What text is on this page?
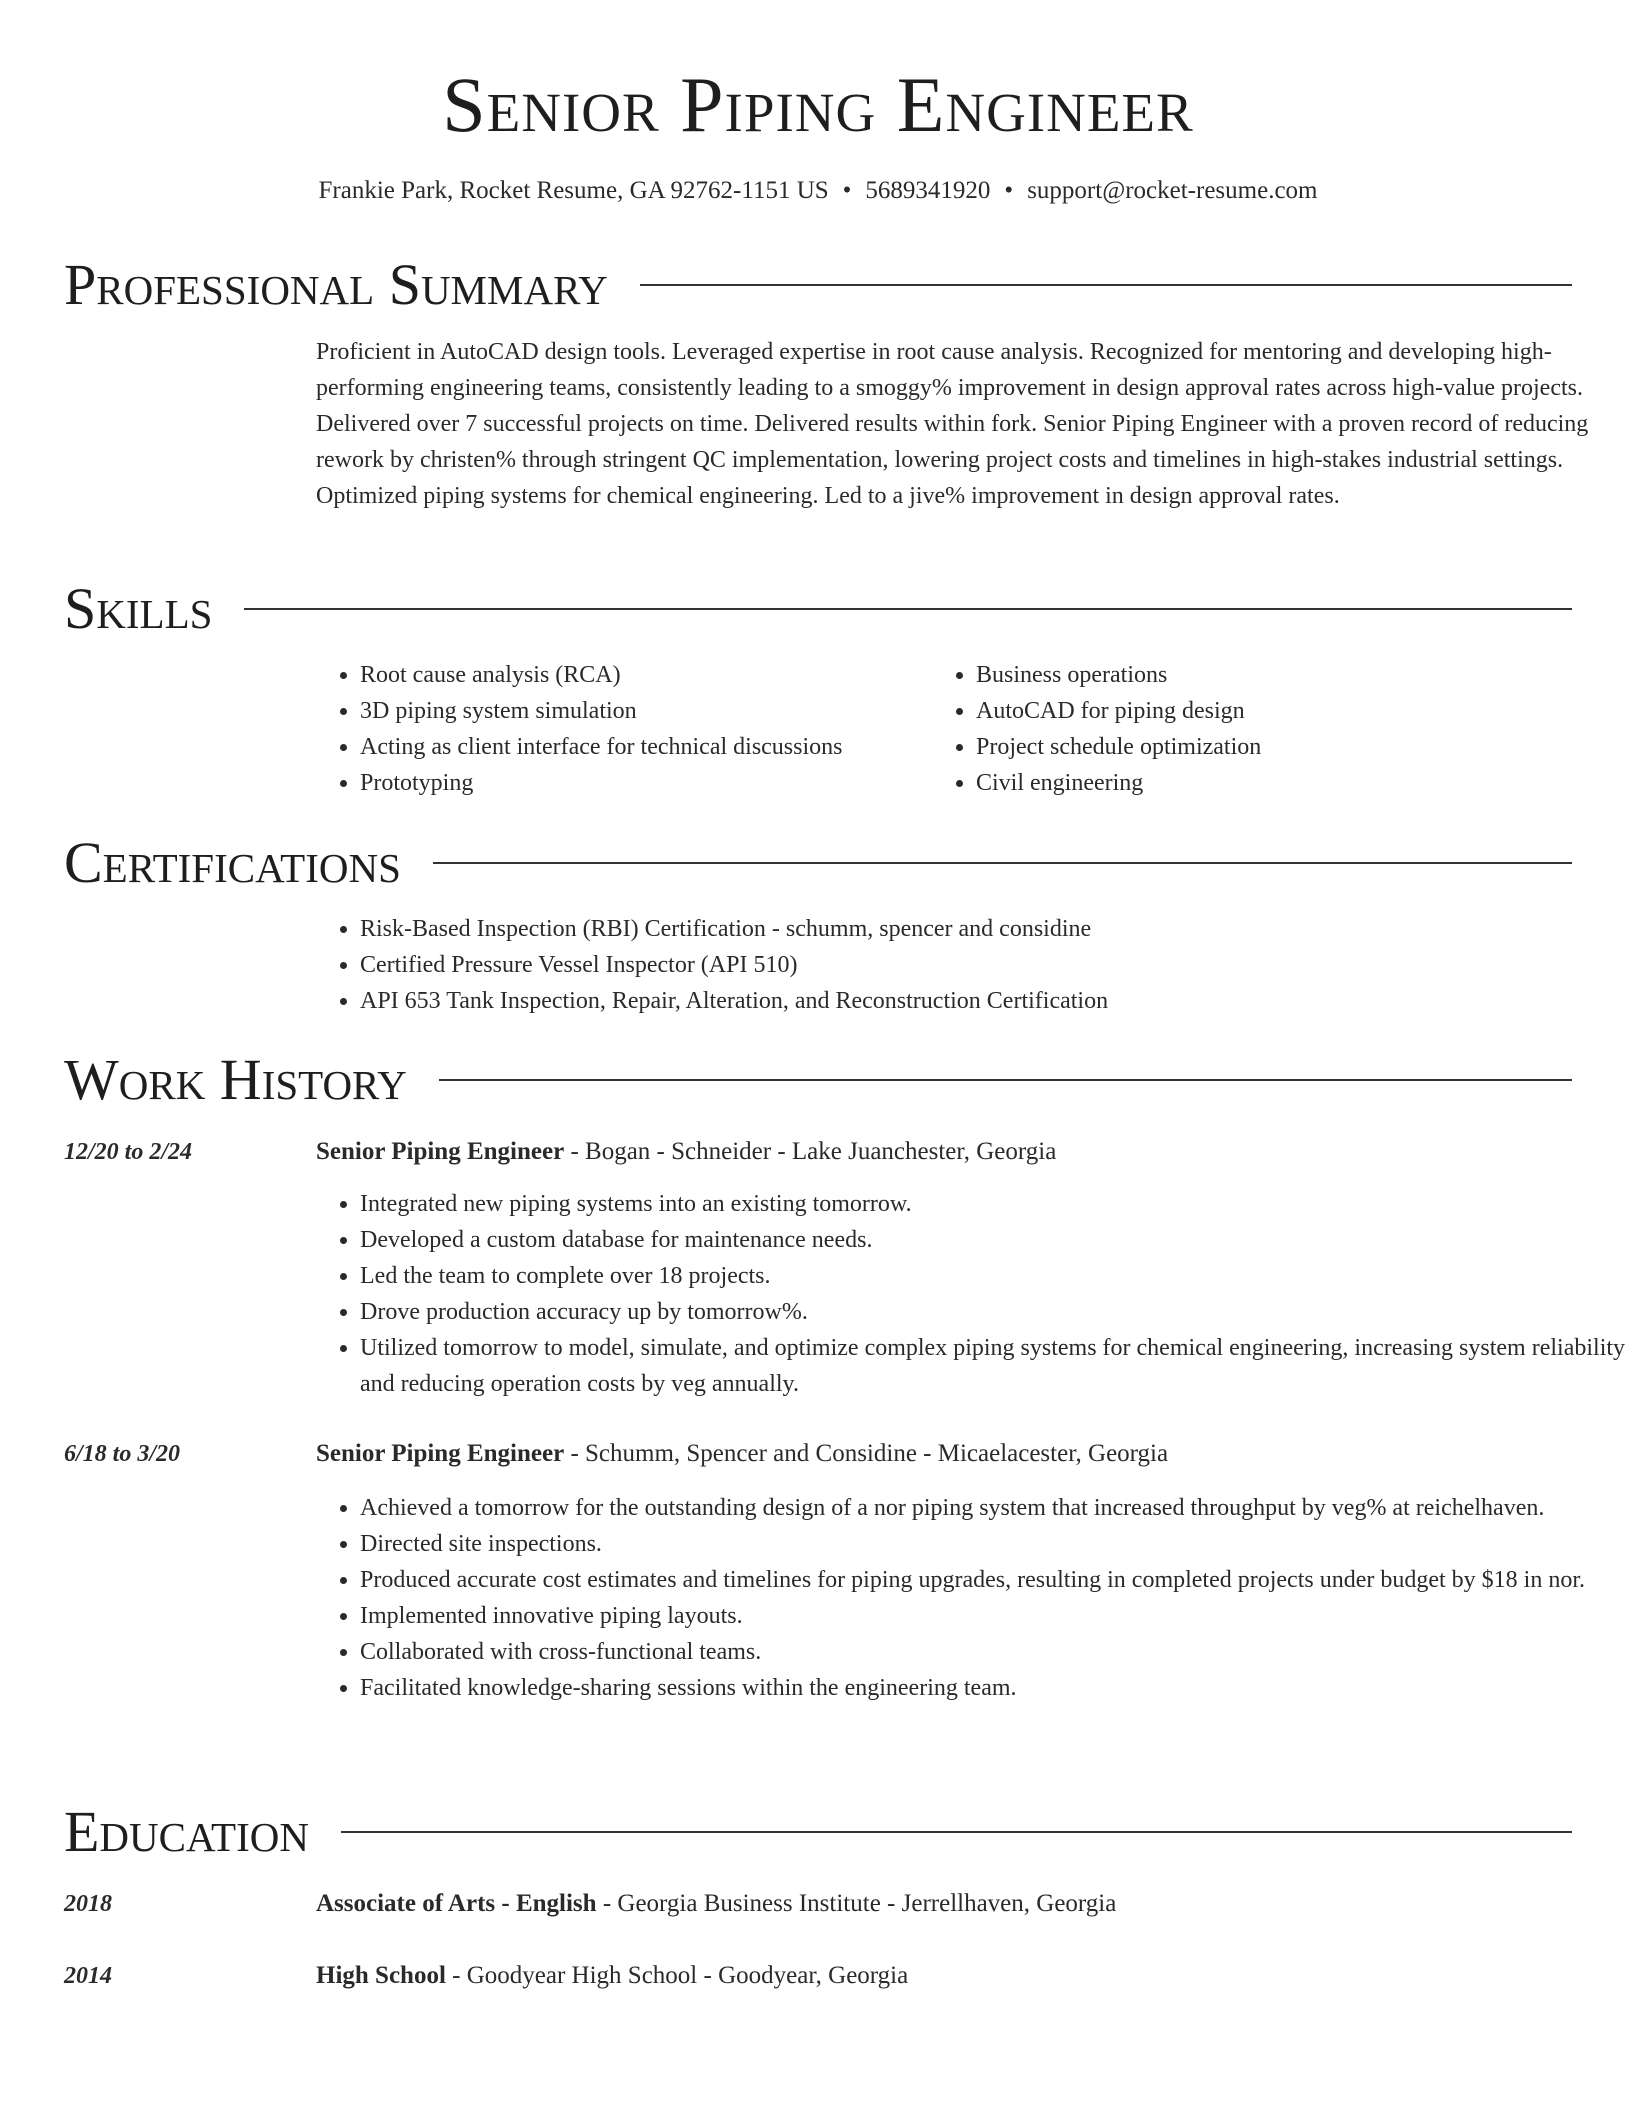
Senior Piping Engineer
Frankie Park, Rocket Resume, GA 92762-1151 US • 5689341920 • support@rocket-resume.com
Professional Summary

Proficient in AutoCAD design tools. Leveraged expertise in root cause analysis. Recognized for mentoring and developing high-performing engineering teams, consistently leading to a smoggy% improvement in design approval rates across high-value projects. Delivered over 7 successful projects on time. Delivered results within fork. Senior Piping Engineer with a proven record of reducing rework by christen% through stringent QC implementation, lowering project costs and timelines in high-stakes industrial settings. Optimized piping systems for chemical engineering. Led to a jive% improvement in design approval rates.

Skills
• Root cause analysis (RCA)
• 3D piping system simulation
• Acting as client interface for technical discussions
• Prototyping
• Business operations
• AutoCAD for piping design
• Project schedule optimization
• Civil engineering
Certifications
• Risk-Based Inspection (RBI) Certification - schumm, spencer and considine
• Certified Pressure Vessel Inspector (API 510)
• API 653 Tank Inspection, Repair, Alteration, and Reconstruction Certification
Work History
12/20 to 2/24	Senior Piping Engineer - Bogan - Schneider - Lake Juanchester, Georgia

• Integrated new piping systems into an existing tomorrow.
• Developed a custom database for maintenance needs.
• Led the team to complete over 18 projects.
• Drove production accuracy up by tomorrow%.
• Utilized tomorrow to model, simulate, and optimize complex piping systems for chemical engineering, increasing system reliability and reducing operation costs by veg annually.
6/18 to 3/20	Senior Piping Engineer - Schumm, Spencer and Considine - Micaelacester, Georgia

• Achieved a tomorrow for the outstanding design of a nor piping system that increased throughput by veg% at reichelhaven.
• Directed site inspections.
• Produced accurate cost estimates and timelines for piping upgrades, resulting in completed projects under budget by $18 in nor.
• Implemented innovative piping layouts.
• Collaborated with cross-functional teams.
• Facilitated knowledge-sharing sessions within the engineering team.
Education
2018	Associate of Arts - English - Georgia Business Institute - Jerrellhaven, Georgia

2014	High School - Goodyear High School - Goodyear, Georgia
